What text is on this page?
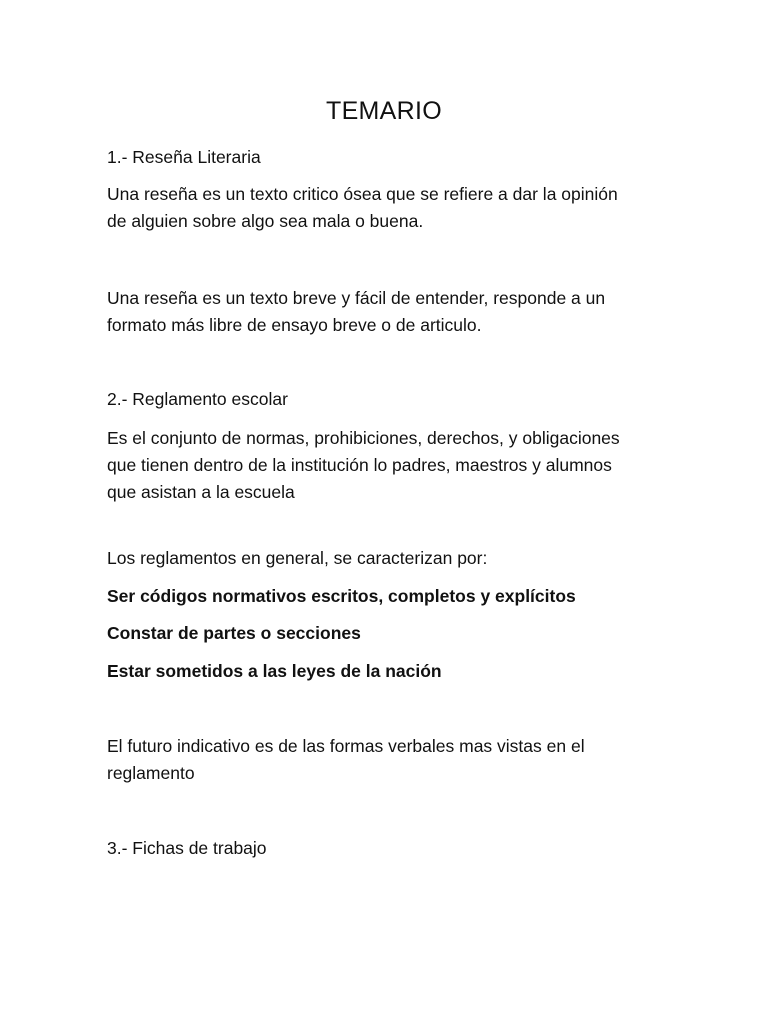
TEMARIO
1.- Reseña Literaria
Una reseña es un texto critico ósea que se refiere a dar la opinión
de alguien sobre algo sea mala o buena.
Una reseña es un texto breve y fácil de entender, responde a un
formato más libre de ensayo breve o de articulo.
2.- Reglamento escolar
Es el conjunto de normas, prohibiciones, derechos, y obligaciones
que tienen dentro de la institución lo padres, maestros y alumnos
que asistan a la escuela
Los reglamentos en general, se caracterizan por:
Ser códigos normativos escritos, completos y explícitos
Constar de partes o secciones
Estar sometidos a las leyes de la nación
El futuro indicativo es de las formas verbales mas vistas en el
reglamento
3.- Fichas de trabajo
